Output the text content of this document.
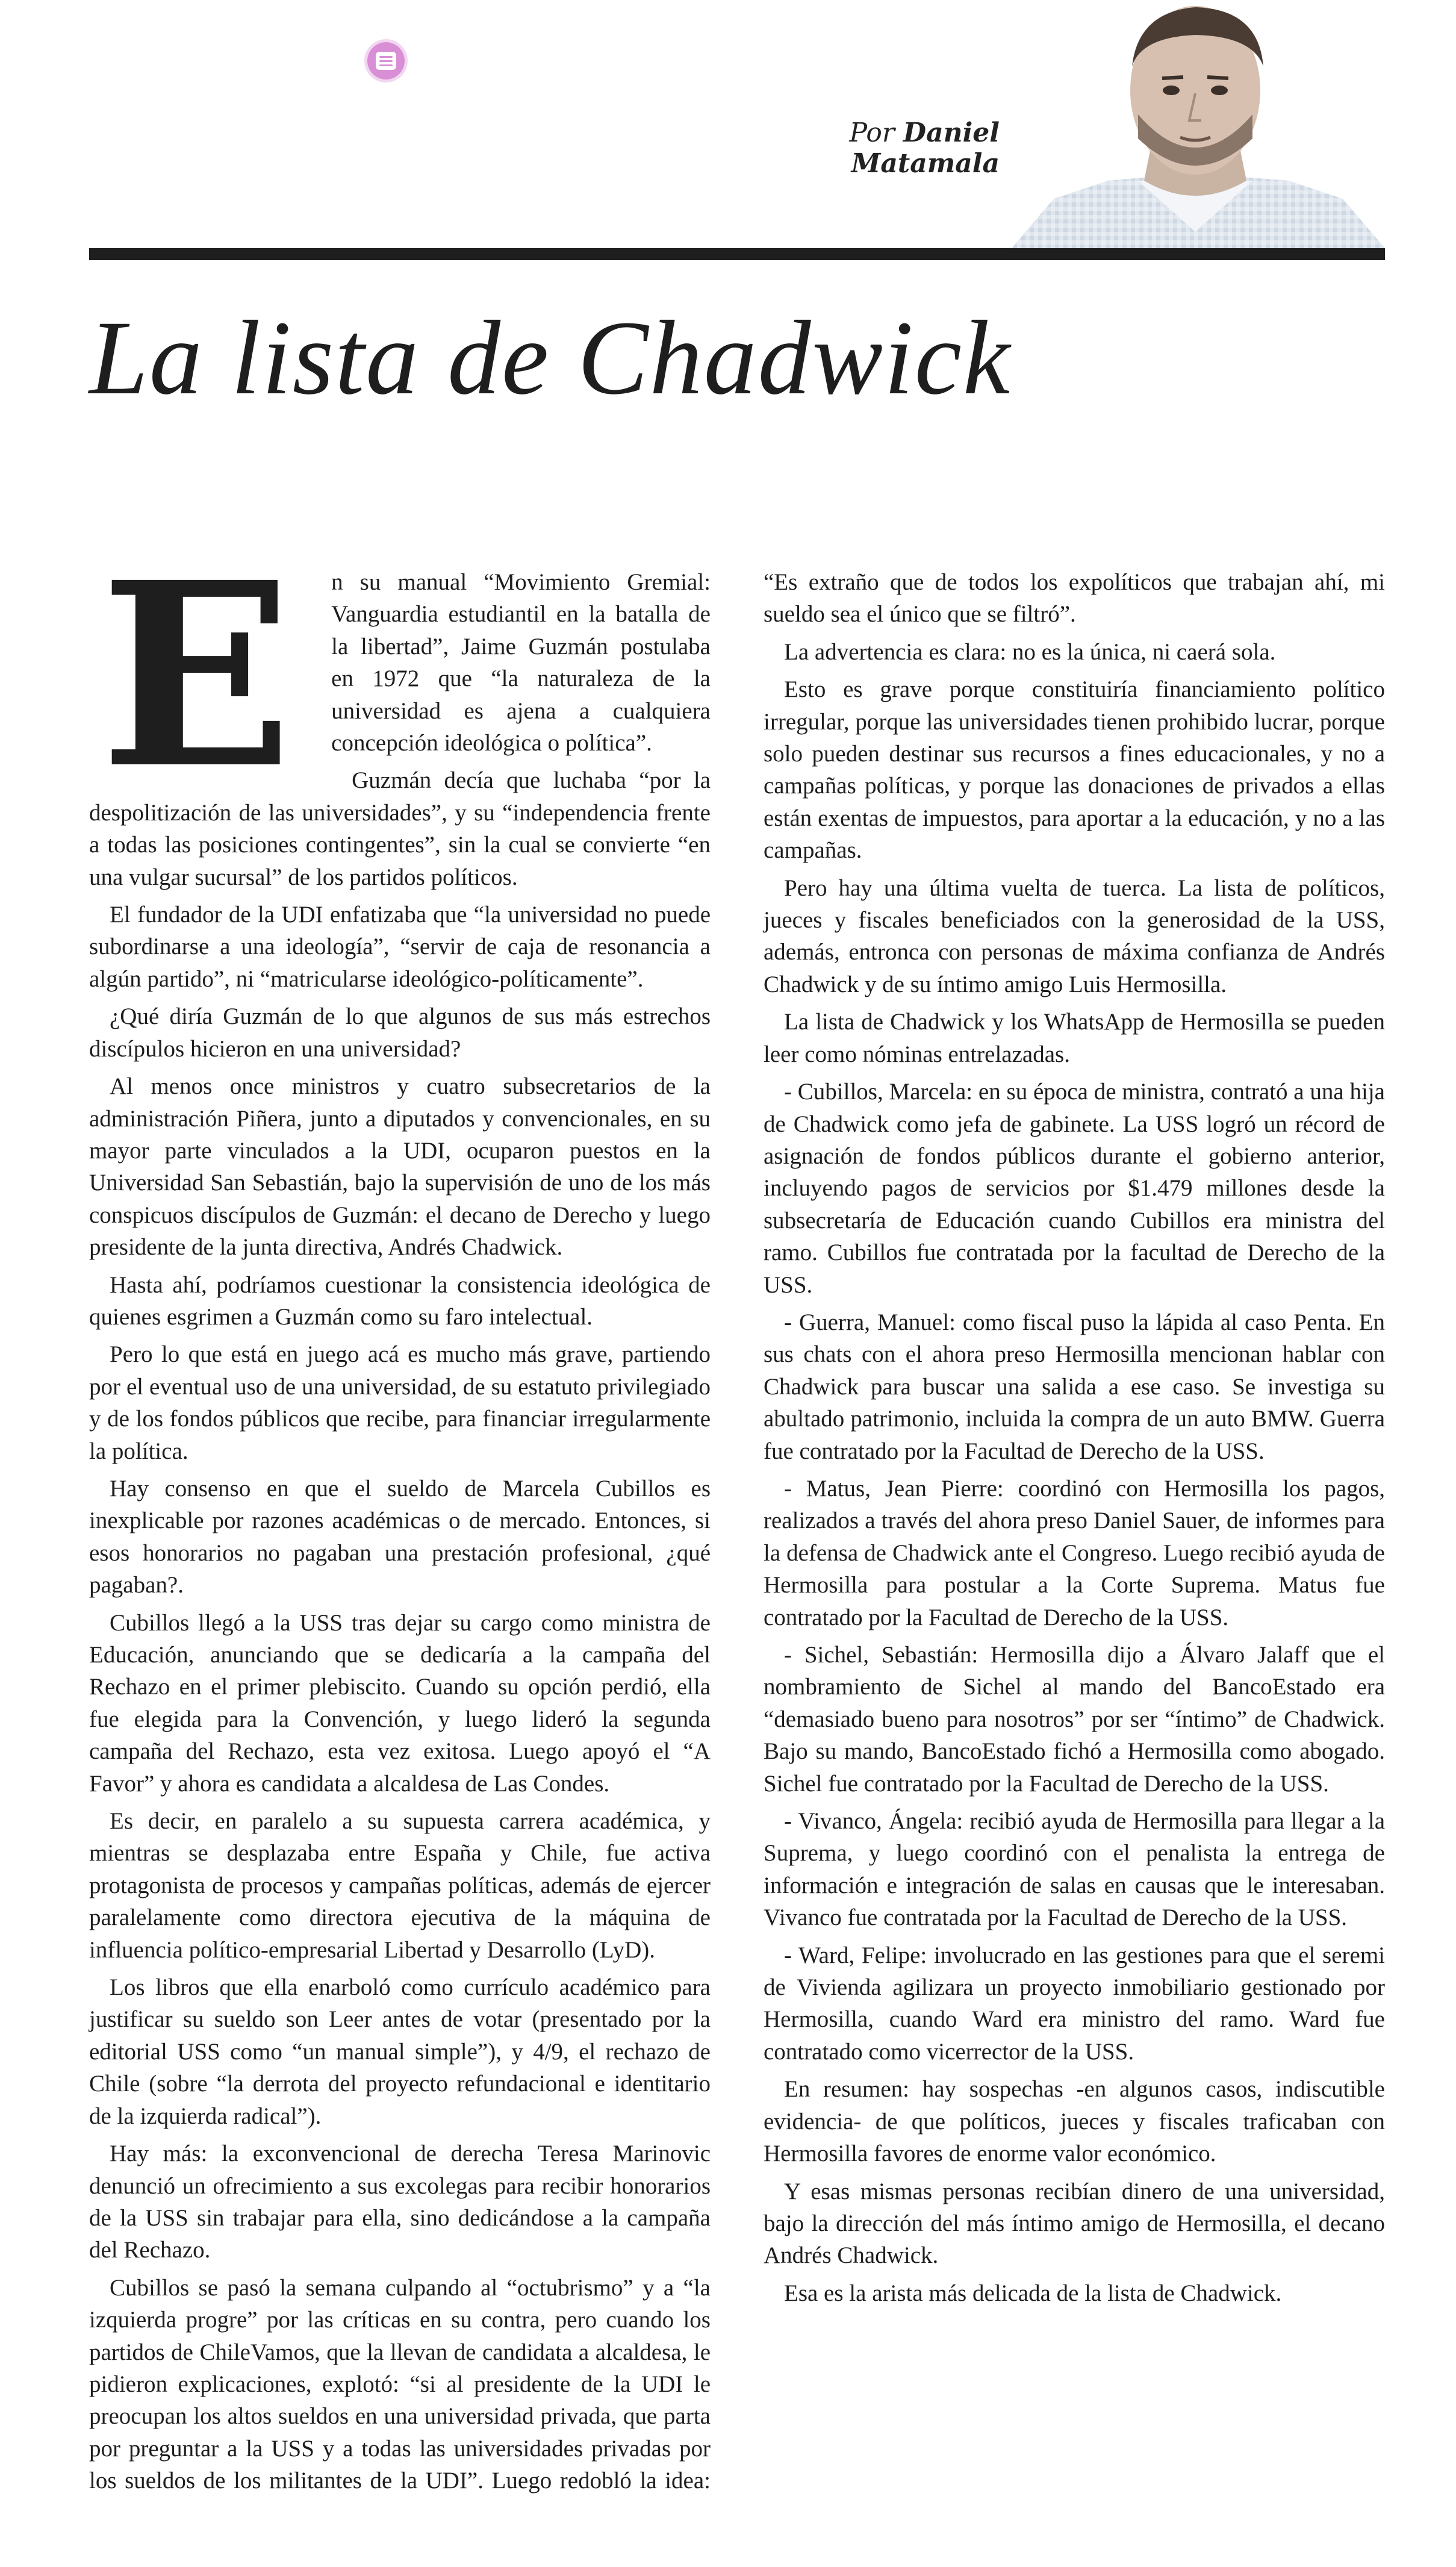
Por Daniel Matamala
La lista de Chadwick
E	n su manual “Movimiento Gremial: Vanguardia estudiantil en la batalla de la libertad”, Jaime Guzmán postulaba en 1972 que “la naturaleza de la universidad es ajena a cualquiera concepción ideológica o política”.

Guzmán decía que luchaba “por la despolitización de las universidades”, y su “independencia frente a todas las posiciones contingentes”, sin la cual se convierte “en una vulgar sucursal” de los partidos políticos.

El fundador de la UDI enfatizaba que “la universidad no puede subordinarse a una ideología”, “servir de caja de resonancia a algún partido”, ni “matricularse ideológico-políticamente”.

¿Qué diría Guzmán de lo que algunos de sus más estrechos discípulos hicieron en una universidad?

Al menos once ministros y cuatro subsecretarios de la administración Piñera, junto a diputados y convencionales, en su mayor parte vinculados a la UDI, ocuparon puestos en la Universidad San Sebastián, bajo la supervisión de uno de los más conspicuos discípulos de Guzmán: el decano de Derecho y luego presidente de la junta directiva, Andrés Chadwick.

Hasta ahí, podríamos cuestionar la consistencia ideológica de quienes esgrimen a Guzmán como su faro intelectual.

Pero lo que está en juego acá es mucho más grave, partiendo por el eventual uso de una universidad, de su estatuto privilegiado y de los fondos públicos que recibe, para financiar irregularmente la política.

Hay consenso en que el sueldo de Marcela Cubillos es inexplicable por razones académicas o de mercado. Entonces, si esos honorarios no pagaban una prestación profesional, ¿qué pagaban?.

Cubillos llegó a la USS tras dejar su cargo como ministra de Educación, anunciando que se dedicaría a la campaña del Rechazo en el primer plebiscito. Cuando su opción perdió, ella fue elegida para la Convención, y luego lideró la segunda campaña del Rechazo, esta vez exitosa. Luego apoyó el “A Favor” y ahora es candidata a alcaldesa de Las Condes.

Es decir, en paralelo a su supuesta carrera académica, y mientras se desplazaba entre España y Chile, fue activa protagonista de procesos y campañas políticas, además de ejercer paralelamente como directora ejecutiva de la máquina de influencia político-empresarial Libertad y Desarrollo (LyD).

Los libros que ella enarboló como currículo académico para justificar su sueldo son Leer antes de votar (presentado por la editorial USS como “un manual simple”), y 4/9, el rechazo de Chile (sobre “la derrota del proyecto refundacional e identitario de la izquierda radical”).

Hay más: la exconvencional de derecha Teresa Marinovic denunció un ofrecimiento a sus excolegas para recibir honorarios de la USS sin trabajar para ella, sino dedicándose a la campaña del Rechazo.

Cubillos se pasó la semana culpando al “octubrismo” y a “la izquierda progre” por las críticas en su contra, pero cuando los partidos de ChileVamos, que la llevan de candidata a alcaldesa, le pidieron explicaciones, explotó: “si al presidente de la UDI le preocupan los altos sueldos en una universidad privada, que parta por preguntar a la USS y a todas las universidades privadas por los sueldos de los militantes de la UDI”. Luego redobló la idea: “Es extraño que de todos los expolíticos que trabajan ahí, mi sueldo sea el único que se filtró”.

La advertencia es clara: no es la única, ni caerá sola.

Esto es grave porque constituiría financiamiento político irregular, porque las universidades tienen prohibido lucrar, porque solo pueden destinar sus recursos a fines educacionales, y no a campañas políticas, y porque las donaciones de privados a ellas están exentas de impuestos, para aportar a la educación, y no a las campañas.

Pero hay una última vuelta de tuerca. La lista de políticos, jueces y fiscales beneficiados con la generosidad de la USS, además, entronca con personas de máxima confianza de Andrés Chadwick y de su íntimo amigo Luis Hermosilla.

La lista de Chadwick y los WhatsApp de Hermosilla se pueden leer como nóminas entrelazadas.

- Cubillos, Marcela: en su época de ministra, contrató a una hija de Chadwick como jefa de gabinete. La USS logró un récord de asignación de fondos públicos durante el gobierno anterior, incluyendo pagos de servicios por $1.479 millones desde la subsecretaría de Educación cuando Cubillos era ministra del ramo. Cubillos fue contratada por la facultad de Derecho de la USS.

- Guerra, Manuel: como fiscal puso la lápida al caso Penta. En sus chats con el ahora preso Hermosilla mencionan hablar con Chadwick para buscar una salida a ese caso. Se investiga su abultado patrimonio, incluida la compra de un auto BMW. Guerra fue contratado por la Facultad de Derecho de la USS.

- Matus, Jean Pierre: coordinó con Hermosilla los pagos, realizados a través del ahora preso Daniel Sauer, de informes para la defensa de Chadwick ante el Congreso. Luego recibió ayuda de Hermosilla para postular a la Corte Suprema. Matus fue contratado por la Facultad de Derecho de la USS.

- Sichel, Sebastián: Hermosilla dijo a Álvaro Jalaff que el nombramiento de Sichel al mando del BancoEstado era “demasiado bueno para nosotros” por ser “íntimo” de Chadwick. Bajo su mando, BancoEstado fichó a Hermosilla como abogado. Sichel fue contratado por la Facultad de Derecho de la USS.

- Vivanco, Ángela: recibió ayuda de Hermosilla para llegar a la Suprema, y luego coordinó con el penalista la entrega de información e integración de salas en causas que le interesaban. Vivanco fue contratada por la Facultad de Derecho de la USS.

- Ward, Felipe: involucrado en las gestiones para que el seremi de Vivienda agilizara un proyecto inmobiliario gestionado por Hermosilla, cuando Ward era ministro del ramo. Ward fue contratado como vicerrector de la USS.

En resumen: hay sospechas -en algunos casos, indiscutible evidencia- de que políticos, jueces y fiscales traficaban con Hermosilla favores de enorme valor económico.

Y esas mismas personas recibían dinero de una universidad, bajo la dirección del más íntimo amigo de Hermosilla, el decano Andrés Chadwick.

Esa es la arista más delicada de la lista de Chadwick.
